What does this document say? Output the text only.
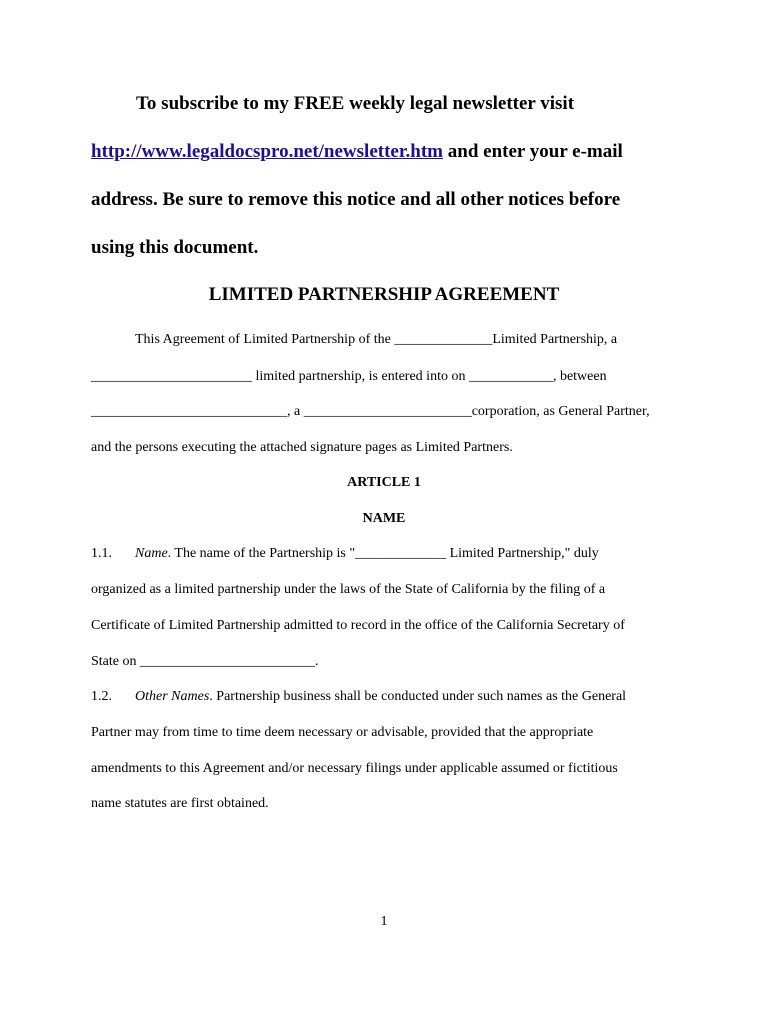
To subscribe to my FREE weekly legal newsletter visit
http://www.legaldocspro.net/newsletter.htm and enter your e-mail
address. Be sure to remove this notice and all other notices before
using this document.
LIMITED PARTNERSHIP AGREEMENT
This Agreement of Limited Partnership of the ______________Limited Partnership, a
_______________________ limited partnership, is entered into on ____________, between
____________________________, a ________________________corporation, as General Partner,
and the persons executing the attached signature pages as Limited Partners.
ARTICLE 1
NAME
1.1. Name. The name of the Partnership is "_____________ Limited Partnership," duly
organized as a limited partnership under the laws of the State of California by the filing of a
Certificate of Limited Partnership admitted to record in the office of the California Secretary of
State on _________________________.
1.2. Other Names. Partnership business shall be conducted under such names as the General
Partner may from time to time deem necessary or advisable, provided that the appropriate
amendments to this Agreement and/or necessary filings under applicable assumed or fictitious
name statutes are first obtained.
1
